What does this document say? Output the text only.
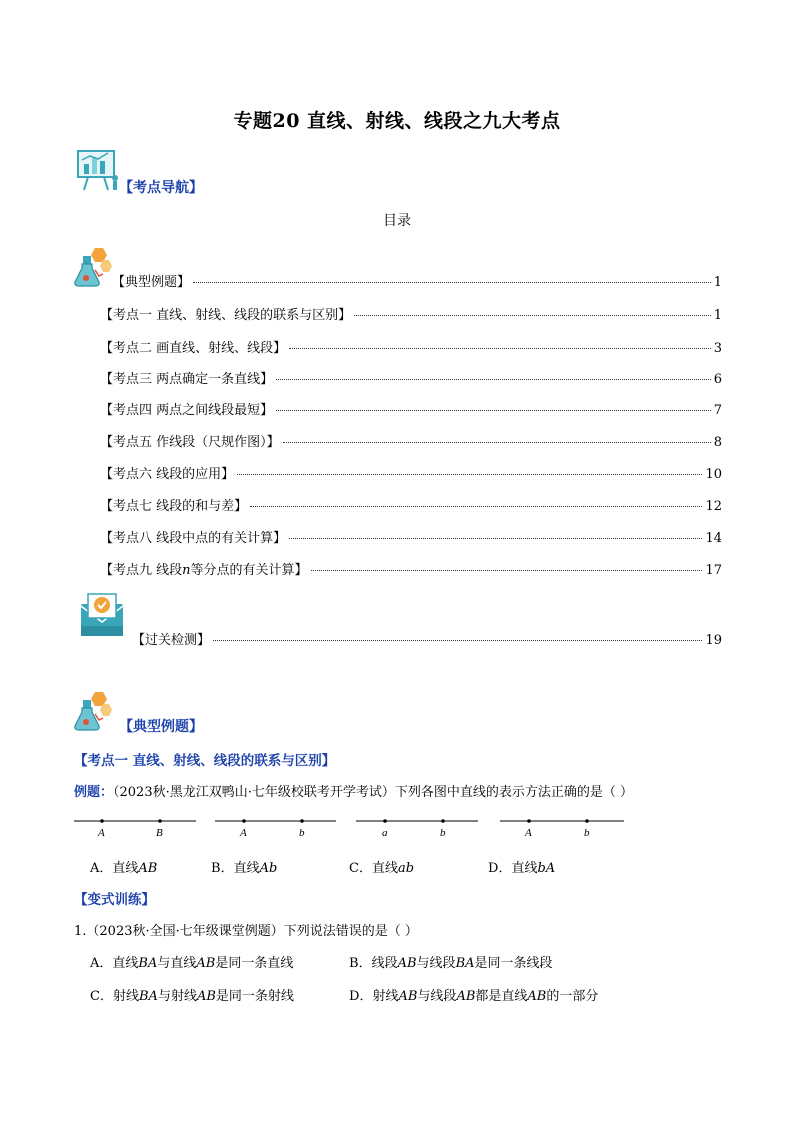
专题20 直线、射线、线段之九大考点
【考点导航】
目录
【典型例题】	1
【考点一 直线、射线、线段的联系与区别】	1
【考点二 画直线、射线、线段】	3
【考点三 两点确定一条直线】	6
【考点四 两点之间线段最短】	7
【考点五 作线段（尺规作图）】	8
【考点六 线段的应用】	10
【考点七 线段的和与差】	12
【考点八 线段中点的有关计算】	14
【考点九 线段n等分点的有关计算】	17
【过关检测】	19
【典型例题】
【考点一 直线、射线、线段的联系与区别】
例题：（2023秋·黑龙江双鸭山·七年级校联考开学考试）下列各图中直线的表示方法正确的是（ ）
A	B	A	b	a	b	A	b
A．直线AB	B．直线Ab	C．直线ab	D．直线bA
【变式训练】
1.（2023秋·全国·七年级课堂例题）下列说法错误的是（ ）
A．直线BA与直线AB是同一条直线	B．线段AB与线段BA是同一条线段
C．射线BA与射线AB是同一条射线	D．射线AB与线段AB都是直线AB的一部分
